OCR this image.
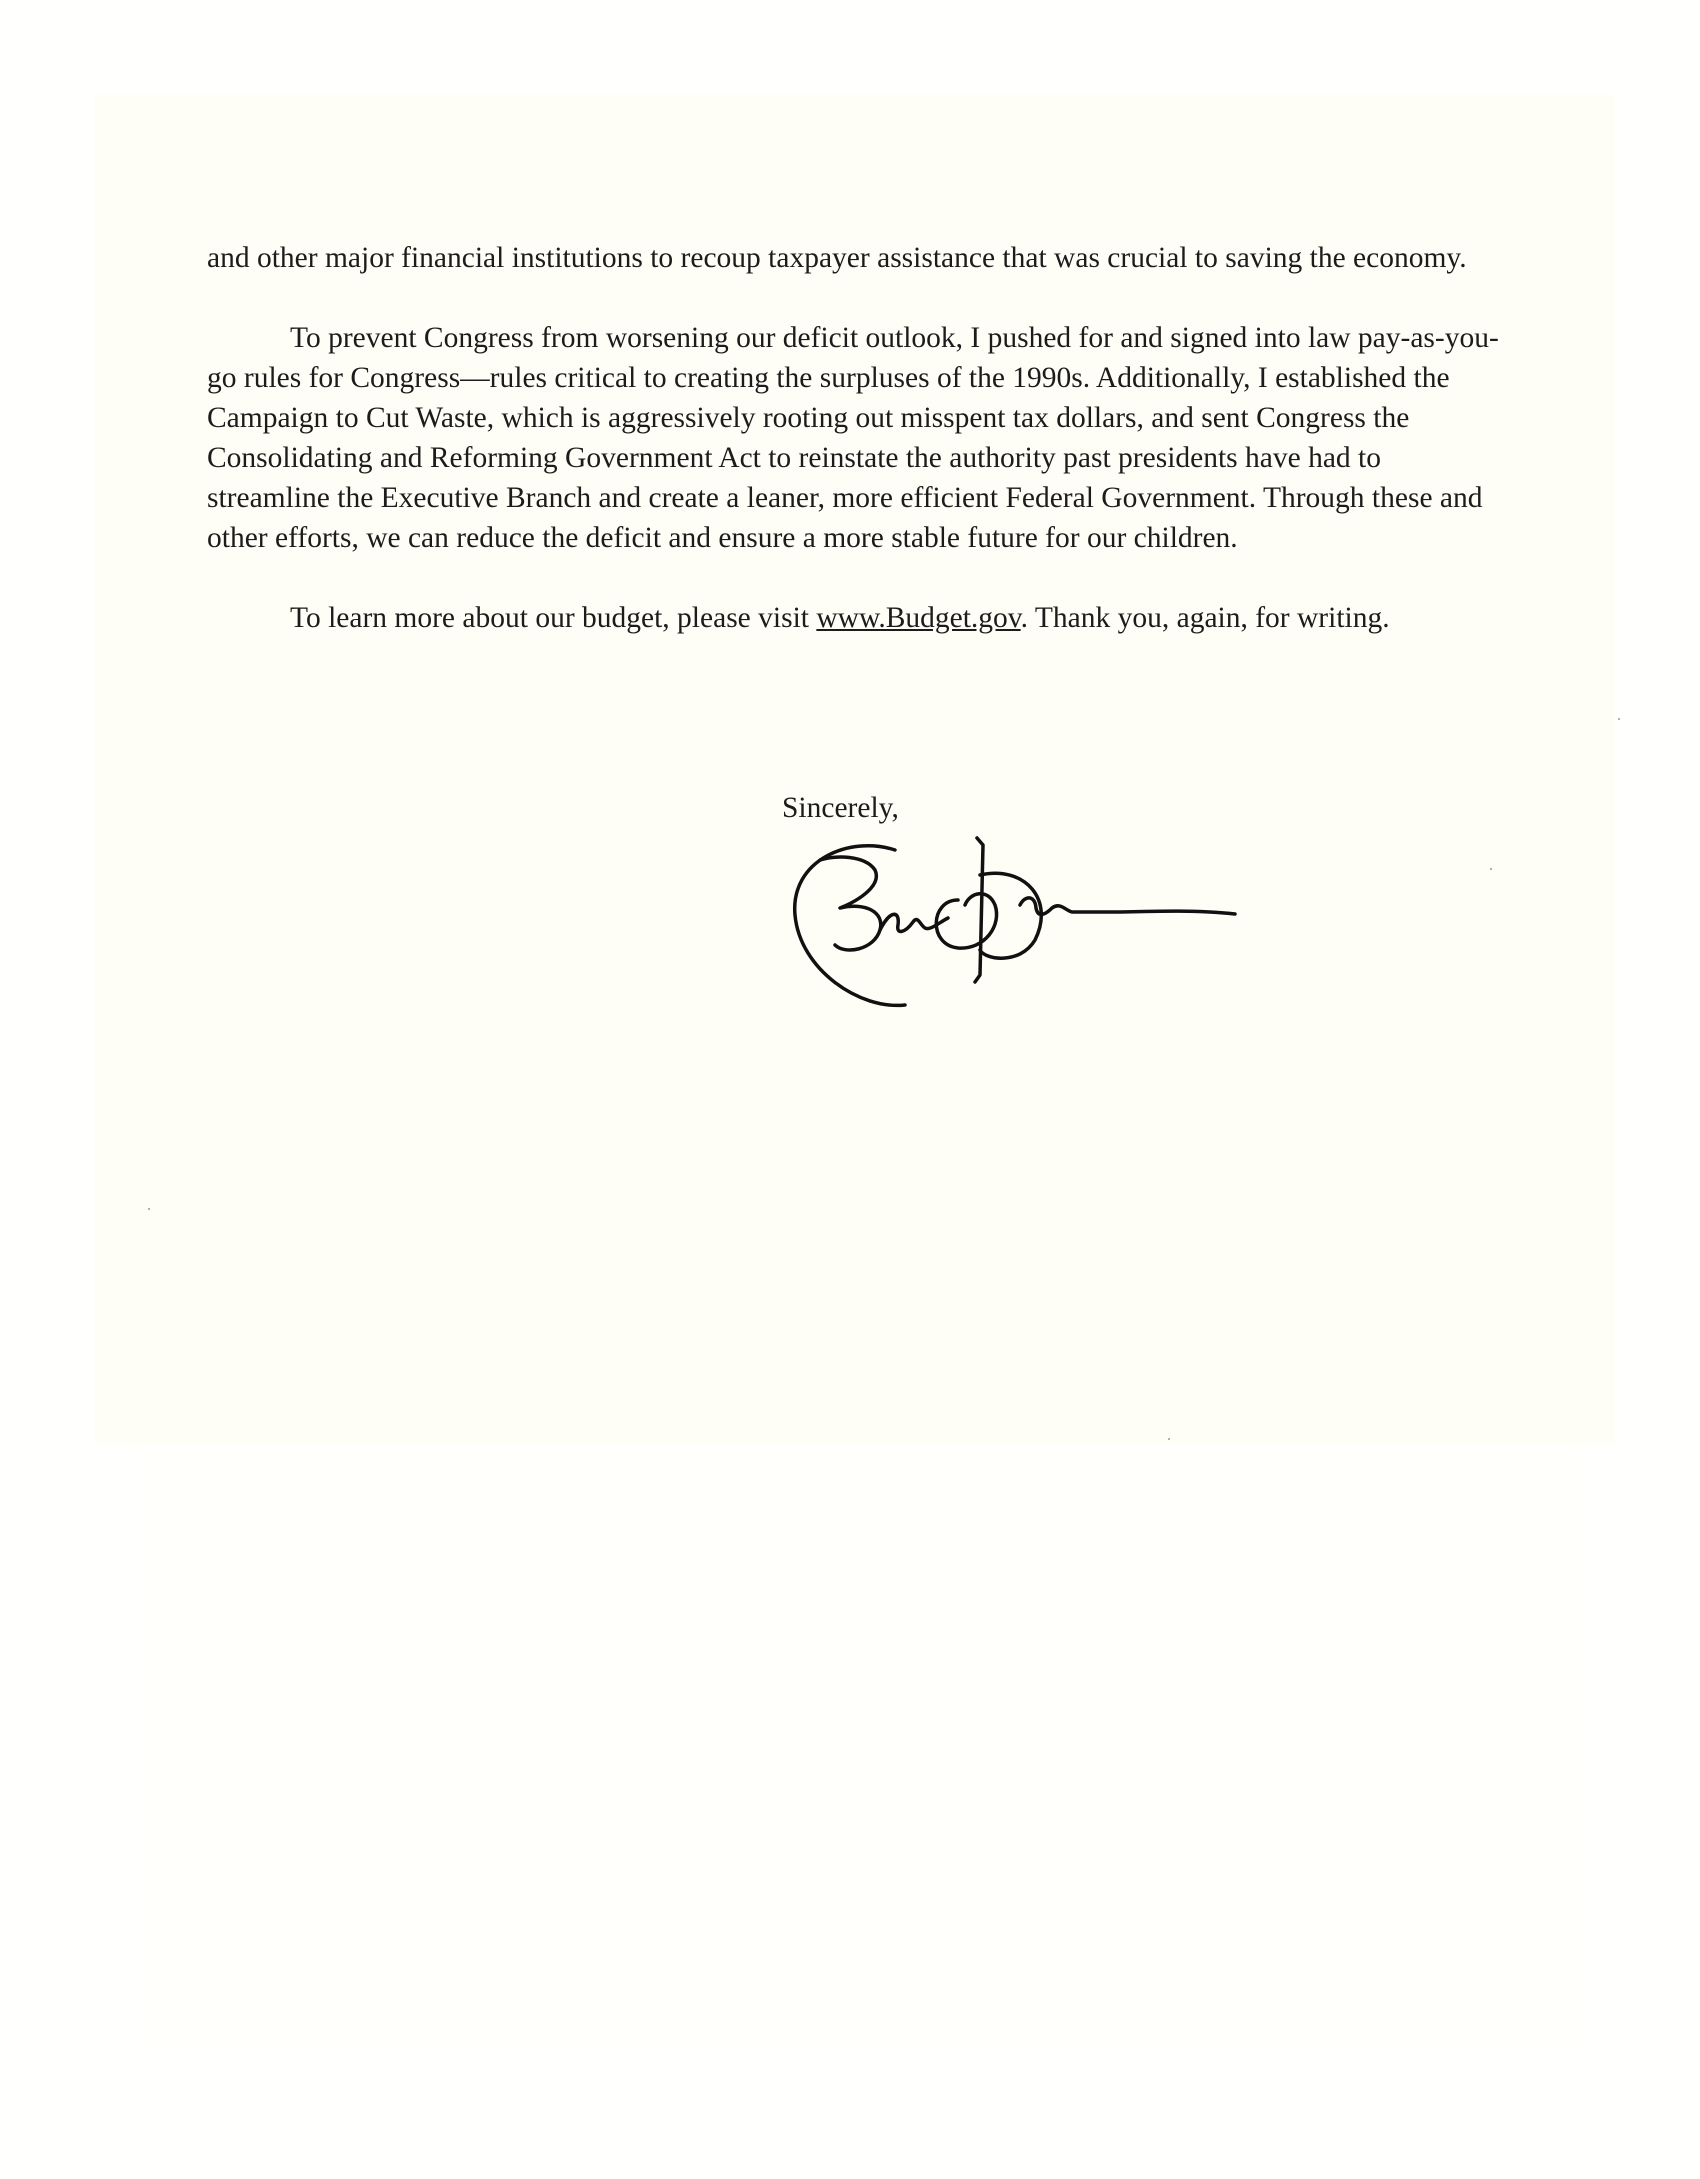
and other major financial institutions to recoup taxpayer assistance that was crucial to saving the economy.

To prevent Congress from worsening our deficit outlook, I pushed for and signed into law pay-as-you-go rules for Congress—rules critical to creating the surpluses of the 1990s. Additionally, I established the Campaign to Cut Waste, which is aggressively rooting out misspent tax dollars, and sent Congress the Consolidating and Reforming Government Act to reinstate the authority past presidents have had to streamline the Executive Branch and create a leaner, more efficient Federal Government. Through these and other efforts, we can reduce the deficit and ensure a more stable future for our children.

To learn more about our budget, please visit www.Budget.gov. Thank you, again, for writing.

Sincerely,
